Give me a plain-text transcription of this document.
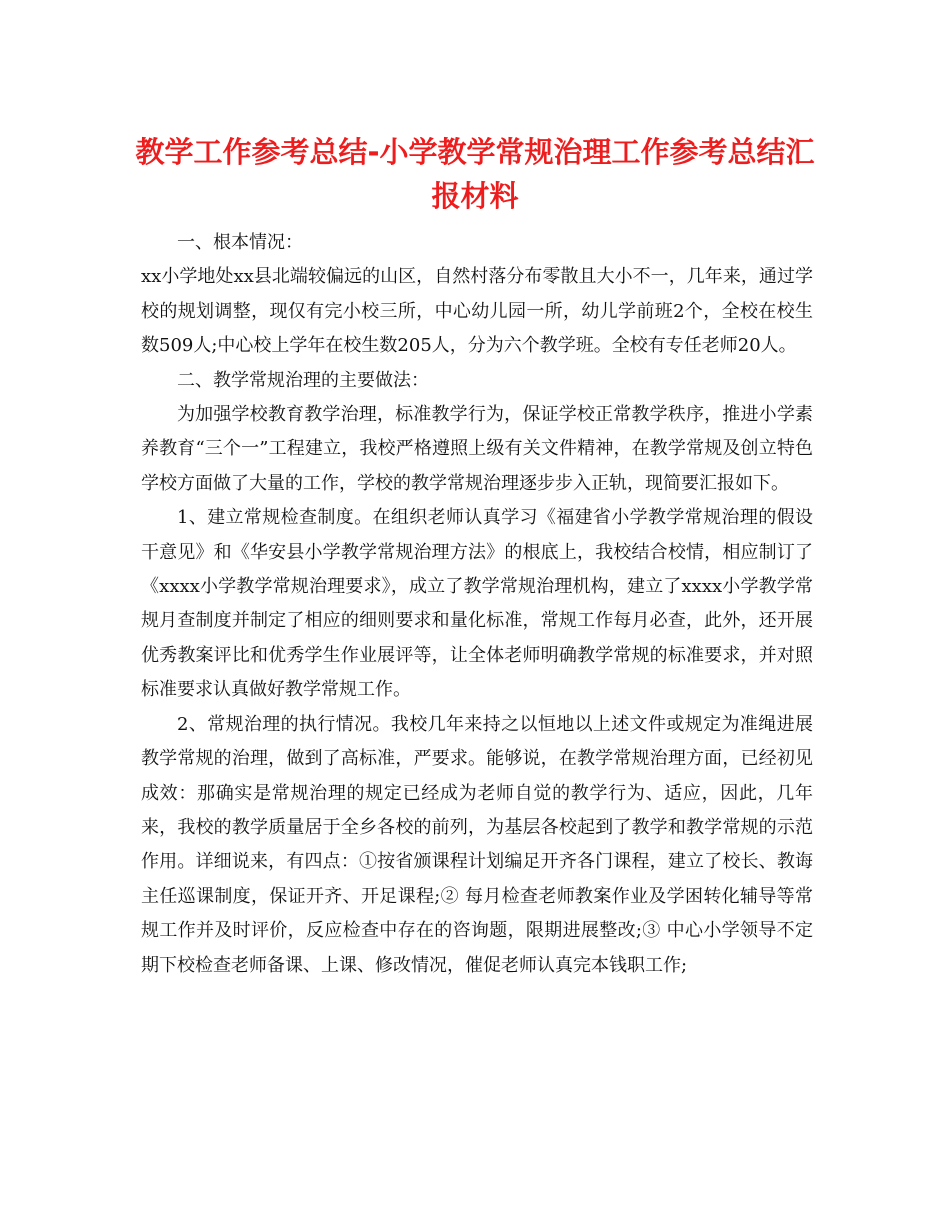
教学工作参考总结-小学教学常规治理工作参考总结汇报材料

一、根本情况：

xx小学地处xx县北端较偏远的山区，自然村落分布零散且大小不一，几年来，通过学校的规划调整，现仅有完小校三所，中心幼儿园一所，幼儿学前班2个，全校在校生数509人;中心校上学年在校生数205人，分为六个教学班。全校有专任老师20人。

二、教学常规治理的主要做法：

为加强学校教育教学治理，标准教学行为，保证学校正常教学秩序，推进小学素养教育“三个一”工程建立，我校严格遵照上级有关文件精神，在教学常规及创立特色学校方面做了大量的工作，学校的教学常规治理逐步步入正轨，现简要汇报如下。

1、建立常规检查制度。在组织老师认真学习《福建省小学教学常规治理的假设干意见》和《华安县小学教学常规治理方法》的根底上，我校结合校情，相应制订了《xxxx小学教学常规治理要求》，成立了教学常规治理机构，建立了xxxx小学教学常规月查制度并制定了相应的细则要求和量化标准，常规工作每月必查，此外，还开展优秀教案评比和优秀学生作业展评等，让全体老师明确教学常规的标准要求，并对照标准要求认真做好教学常规工作。

2、常规治理的执行情况。我校几年来持之以恒地以上述文件或规定为准绳进展教学常规的治理，做到了高标准，严要求。能够说，在教学常规治理方面，已经初见成效：那确实是常规治理的规定已经成为老师自觉的教学行为、适应，因此，几年来，我校的教学质量居于全乡各校的前列，为基层各校起到了教学和教学常规的示范作用。详细说来，有四点：①按省颁课程计划编足开齐各门课程，建立了校长、教诲主任巡课制度，保证开齐、开足课程;② 每月检查老师教案作业及学困转化辅导等常规工作并及时评价，反应检查中存在的咨询题，限期进展整改;③ 中心小学领导不定期下校检查老师备课、上课、修改情况，催促老师认真完本钱职工作;
